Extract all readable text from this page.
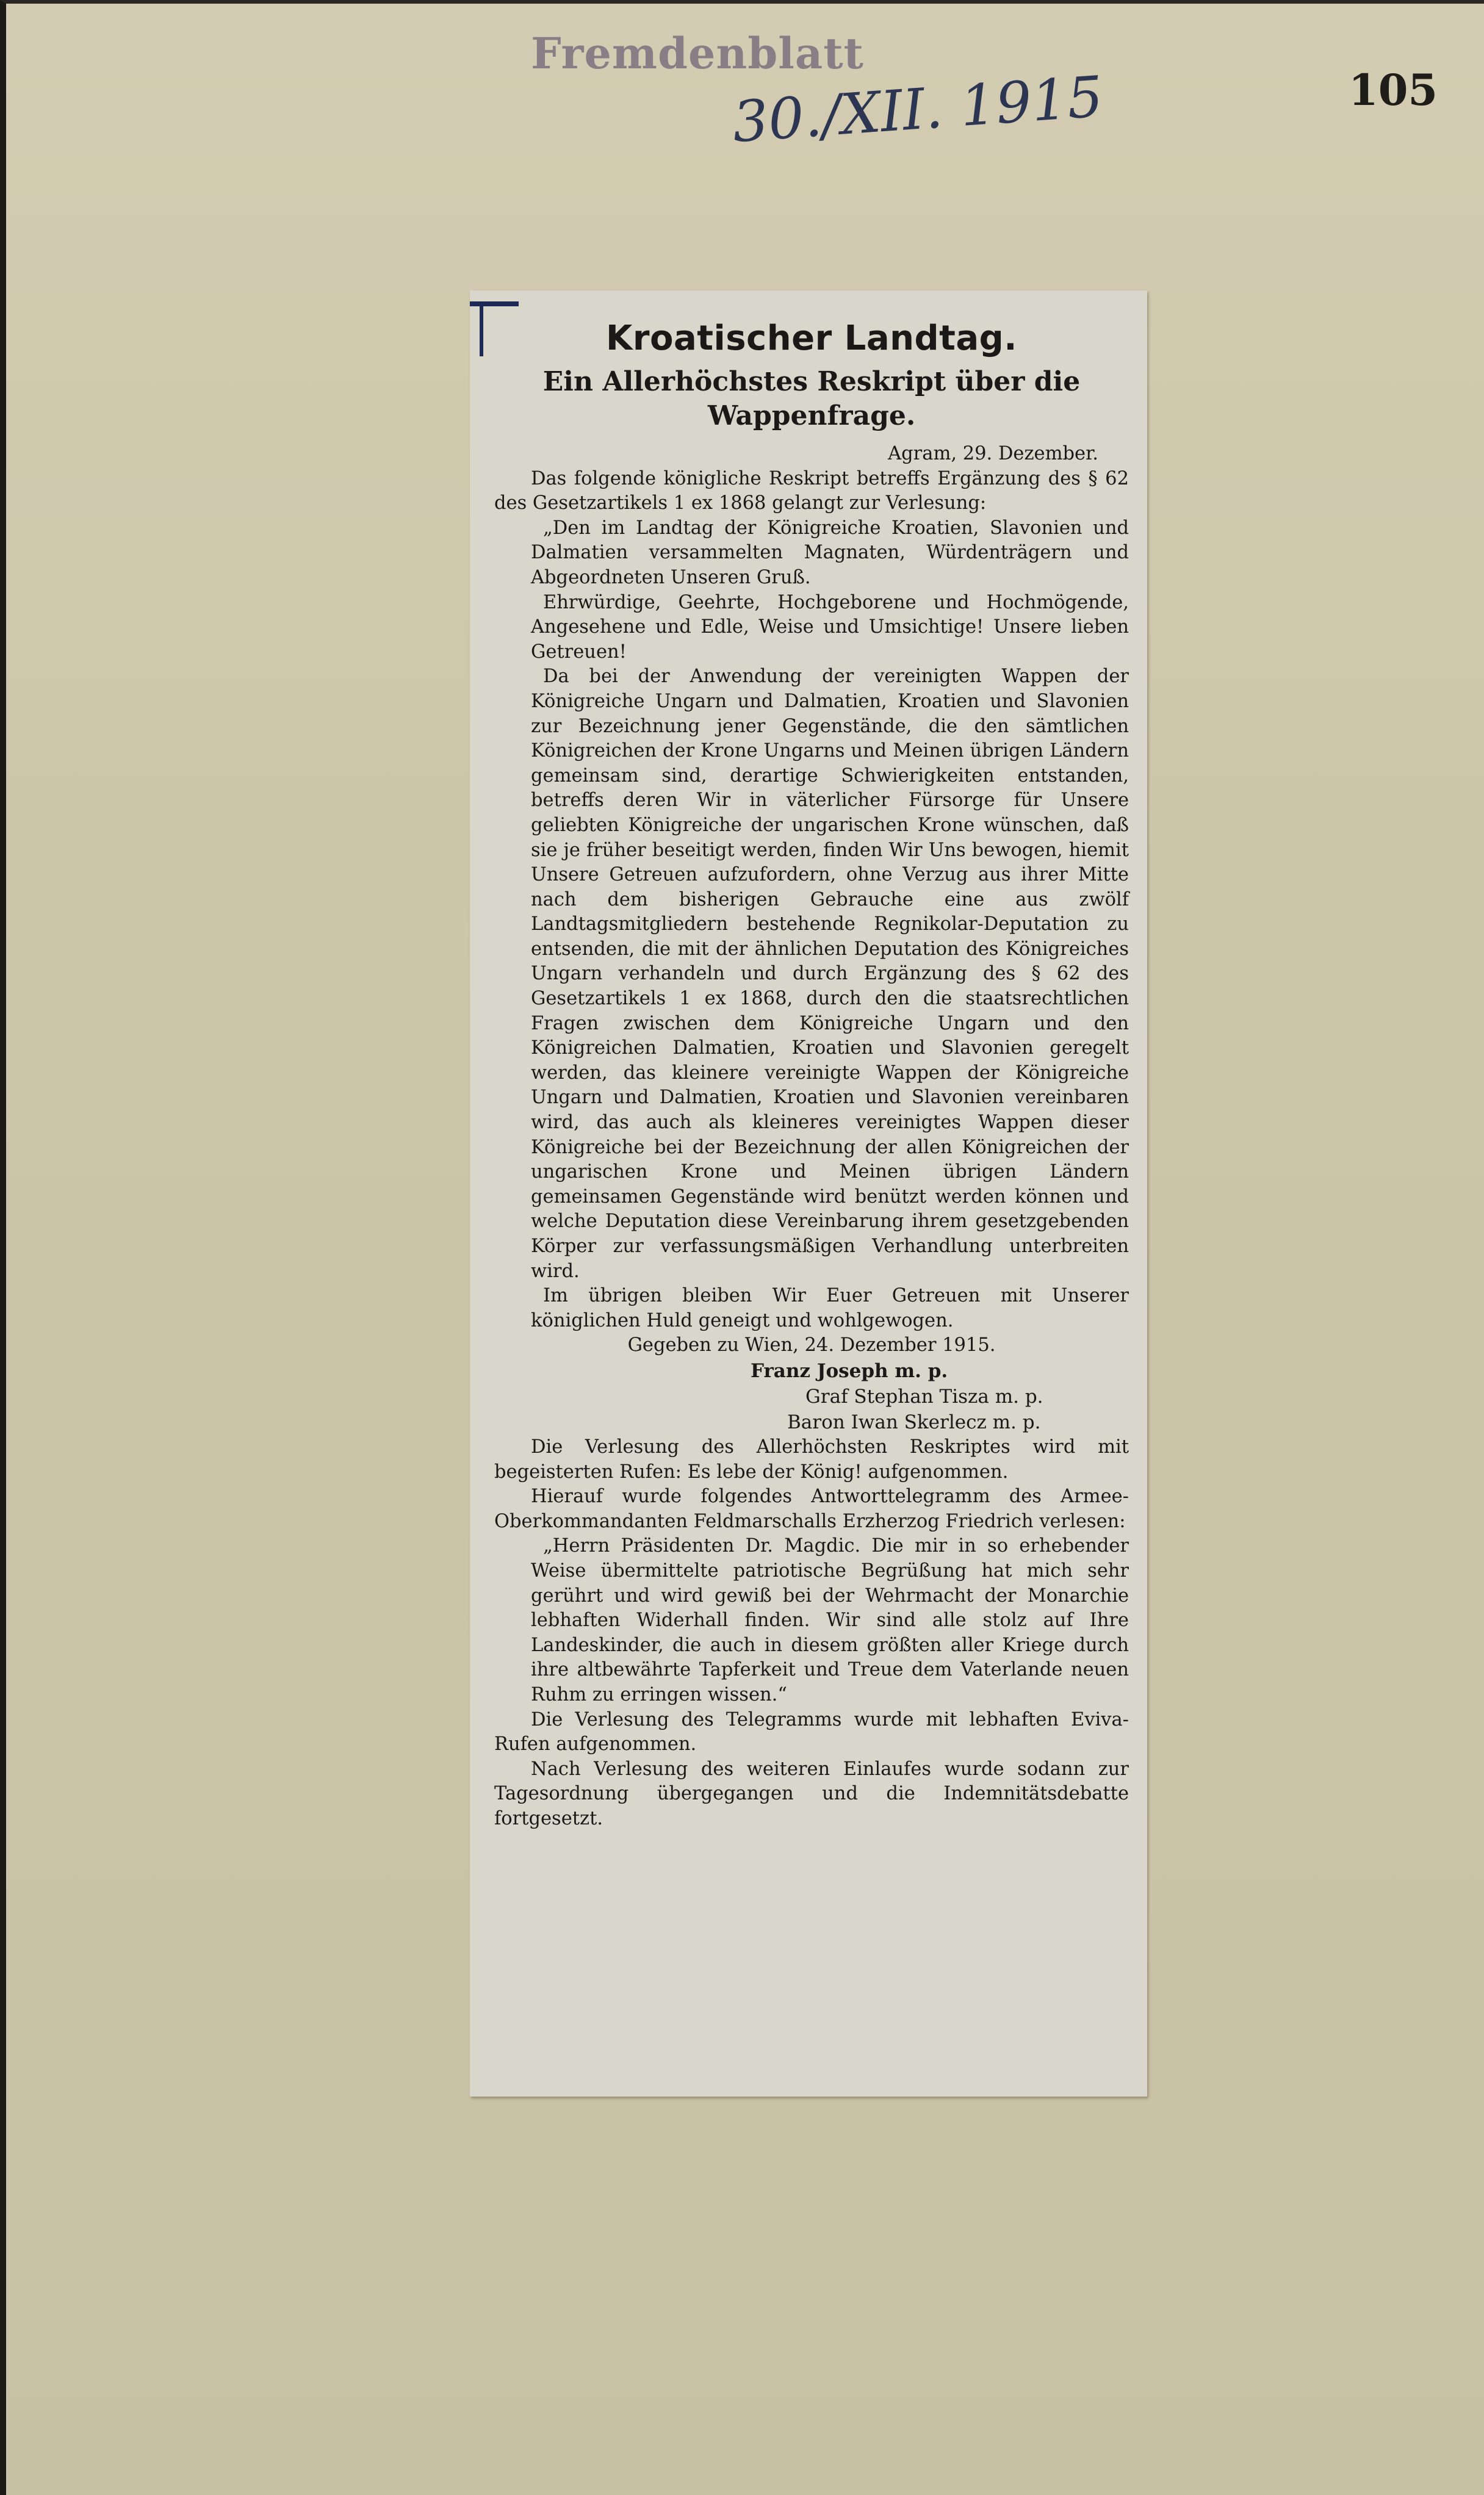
Fremdenblatt
30./XII. 1915	105
Kroatischer Landtag.
Ein Allerhöchstes Reskript über die Wappenfrage.

Agram, 29. Dezember.

Das folgende königliche Reskript betreffs Ergänzung des § 62 des Gesetzartikels 1 ex 1868 gelangt zur Verlesung:

„Den im Landtag der Königreiche Kroatien, Slavonien und Dalmatien versammelten Magnaten, Würdenträgern und Abgeordneten Unseren Gruß.

Ehrwürdige, Geehrte, Hochgeborene und Hochmögende, Angesehene und Edle, Weise und Umsichtige! Unsere lieben Getreuen!

Da bei der Anwendung der vereinigten Wappen der Königreiche Ungarn und Dalmatien, Kroatien und Slavonien zur Bezeichnung jener Gegenstände, die den sämtlichen Königreichen der Krone Ungarns und Meinen übrigen Ländern gemeinsam sind, derartige Schwierigkeiten entstanden, betreffs deren Wir in väterlicher Fürsorge für Unsere geliebten Königreiche der ungarischen Krone wünschen, daß sie je früher beseitigt werden, finden Wir Uns bewogen, hiemit Unsere Getreuen aufzufordern, ohne Verzug aus ihrer Mitte nach dem bisherigen Gebrauche eine aus zwölf Landtagsmitgliedern bestehende Regnikolar-Deputation zu entsenden, die mit der ähnlichen Deputation des Königreiches Ungarn verhandeln und durch Ergänzung des § 62 des Gesetzartikels 1 ex 1868, durch den die staatsrechtlichen Fragen zwischen dem Königreiche Ungarn und den Königreichen Dalmatien, Kroatien und Slavonien geregelt werden, das kleinere vereinigte Wappen der Königreiche Ungarn und Dalmatien, Kroatien und Slavonien vereinbaren wird, das auch als kleineres vereinigtes Wappen dieser Königreiche bei der Bezeichnung der allen Königreichen der ungarischen Krone und Meinen übrigen Ländern gemeinsamen Gegenstände wird benützt werden können und welche Deputation diese Vereinbarung ihrem gesetzgebenden Körper zur verfassungsmäßigen Verhandlung unterbreiten wird.

Im übrigen bleiben Wir Euer Getreuen mit Unserer königlichen Huld geneigt und wohlgewogen.

Gegeben zu Wien, 24. Dezember 1915.

Franz Joseph m. p.
Graf Stephan Tisza m. p.
Baron Iwan Skerlecz m. p.

Die Verlesung des Allerhöchsten Reskriptes wird mit begeisterten Rufen: Es lebe der König! aufgenommen.

Hierauf wurde folgendes Antworttelegramm des Armee-Oberkommandanten Feldmarschalls Erzherzog Friedrich verlesen:

„Herrn Präsidenten Dr. Magdic. Die mir in so erhebender Weise übermittelte patriotische Begrüßung hat mich sehr gerührt und wird gewiß bei der Wehrmacht der Monarchie lebhaften Widerhall finden. Wir sind alle stolz auf Ihre Landeskinder, die auch in diesem größten aller Kriege durch ihre altbewährte Tapferkeit und Treue dem Vaterlande neuen Ruhm zu erringen wissen.“

Die Verlesung des Telegramms wurde mit lebhaften Eviva-Rufen aufgenommen.

Nach Verlesung des weiteren Einlaufes wurde sodann zur Tagesordnung übergegangen und die Indemnitätsdebatte fortgesetzt.
